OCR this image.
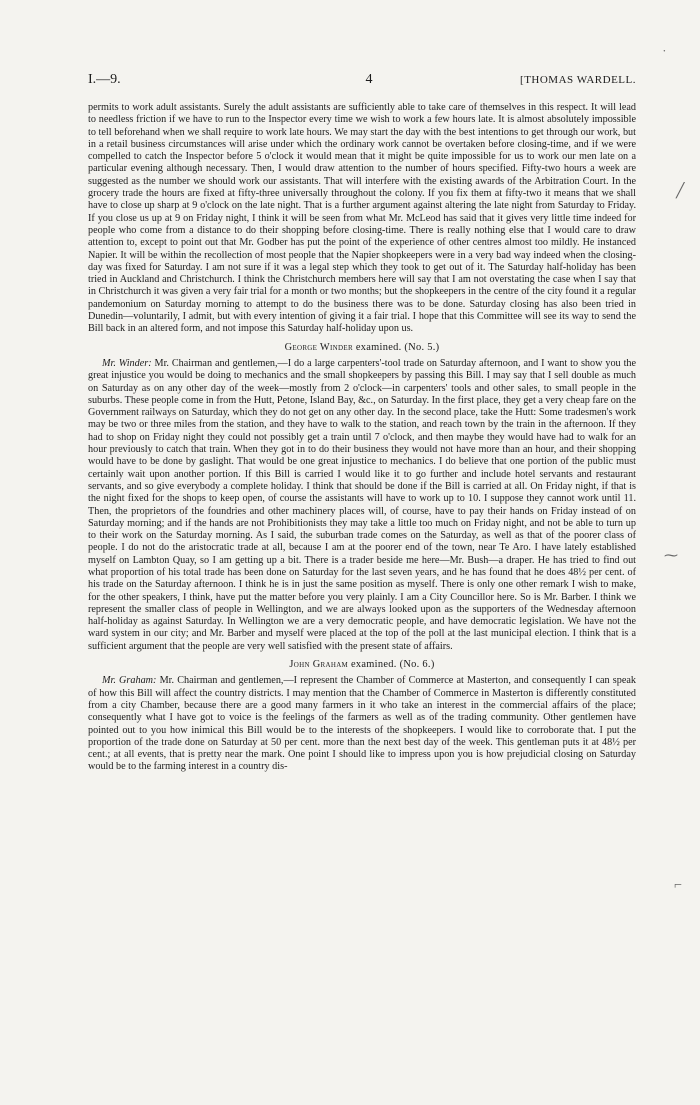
˙
╱
⁓
⌐
I.—9.	4	[THOMAS WARDELL.

permits to work adult assistants. Surely the adult assistants are sufficiently able to take care of themselves in this respect. It will lead to needless friction if we have to run to the Inspector every time we wish to work a few hours late. It is almost absolutely impossible to tell beforehand when we shall require to work late hours. We may start the day with the best intentions to get through our work, but in a retail business circumstances will arise under which the ordinary work cannot be overtaken before closing-time, and if we were compelled to catch the Inspector before 5 o'clock it would mean that it might be quite impossible for us to work our men late on a particular evening although necessary. Then, I would draw attention to the number of hours specified. Fifty-two hours a week are suggested as the number we should work our assistants. That will interfere with the existing awards of the Arbitration Court. In the grocery trade the hours are fixed at fifty-three universally throughout the colony. If you fix them at fifty-two it means that we shall have to close up sharp at 9 o'clock on the late night. That is a further argument against altering the late night from Saturday to Friday. If you close us up at 9 on Friday night, I think it will be seen from what Mr. McLeod has said that it gives very little time indeed for people who come from a distance to do their shopping before closing-time. There is really nothing else that I would care to draw attention to, except to point out that Mr. Godber has put the point of the experience of other centres almost too mildly. He instanced Napier. It will be within the recollection of most people that the Napier shopkeepers were in a very bad way indeed when the closing-day was fixed for Saturday. I am not sure if it was a legal step which they took to get out of it. The Saturday half-holiday has been tried in Auckland and Christchurch. I think the Christchurch members here will say that I am not overstating the case when I say that in Christchurch it was given a very fair trial for a month or two months; but the shopkeepers in the centre of the city found it a regular pandemonium on Saturday morning to attempt to do the business there was to be done. Saturday closing has also been tried in Dunedin—voluntarily, I admit, but with every intention of giving it a fair trial. I hope that this Committee will see its way to send the Bill back in an altered form, and not impose this Saturday half-holiday upon us.

George Winder examined. (No. 5.)

Mr. Winder: Mr. Chairman and gentlemen,—I do a large carpenters'-tool trade on Saturday afternoon, and I want to show you the great injustice you would be doing to mechanics and the small shopkeepers by passing this Bill. I may say that I sell double as much on Saturday as on any other day of the week—mostly from 2 o'clock—in carpenters' tools and other sales, to small people in the suburbs. These people come in from the Hutt, Petone, Island Bay, &c., on Saturday. In the first place, they get a very cheap fare on the Government railways on Saturday, which they do not get on any other day. In the second place, take the Hutt: Some tradesmen's work may be two or three miles from the station, and they have to walk to the station, and reach town by the train in the afternoon. If they had to shop on Friday night they could not possibly get a train until 7 o'clock, and then maybe they would have had to walk for an hour previously to catch that train. When they got in to do their business they would not have more than an hour, and their shopping would have to be done by gaslight. That would be one great injustice to mechanics. I do believe that one portion of the public must certainly wait upon another portion. If this Bill is carried I would like it to go further and include hotel servants and restaurant servants, and so give everybody a complete holiday. I think that should be done if the Bill is carried at all. On Friday night, if that is the night fixed for the shops to keep open, of course the assistants will have to work up to 10. I suppose they cannot work until 11. Then, the proprietors of the foundries and other machinery places will, of course, have to pay their hands on Friday instead of on Saturday morning; and if the hands are not Prohibitionists they may take a little too much on Friday night, and not be able to turn up to their work on the Saturday morning. As I said, the suburban trade comes on the Saturday, as well as that of the poorer class of people. I do not do the aristocratic trade at all, because I am at the poorer end of the town, near Te Aro. I have lately established myself on Lambton Quay, so I am getting up a bit. There is a trader beside me here—Mr. Bush—a draper. He has tried to find out what proportion of his total trade has been done on Saturday for the last seven years, and he has found that he does 48½ per cent. of his trade on the Saturday afternoon. I think he is in just the same position as myself. There is only one other remark I wish to make, for the other speakers, I think, have put the matter before you very plainly. I am a City Councillor here. So is Mr. Barber. I think we represent the smaller class of people in Wellington, and we are always looked upon as the supporters of the Wednesday afternoon half-holiday as against Saturday. In Wellington we are a very democratic people, and have democratic legislation. We have not the ward system in our city; and Mr. Barber and myself were placed at the top of the poll at the last municipal election. I think that is a sufficient argument that the people are very well satisfied with the present state of affairs.

John Graham examined. (No. 6.)

Mr. Graham: Mr. Chairman and gentlemen,—I represent the Chamber of Commerce at Masterton, and consequently I can speak of how this Bill will affect the country districts. I may mention that the Chamber of Commerce in Masterton is differently constituted from a city Chamber, because there are a good many farmers in it who take an interest in the commercial affairs of the place; consequently what I have got to voice is the feelings of the farmers as well as of the trading community. Other gentlemen have pointed out to you how inimical this Bill would be to the interests of the shopkeepers. I would like to corroborate that. I put the proportion of the trade done on Saturday at 50 per cent. more than the next best day of the week. This gentleman puts it at 48½ per cent.; at all events, that is pretty near the mark. One point I should like to impress upon you is how prejudicial closing on Saturday would be to the farming interest in a country dis-
